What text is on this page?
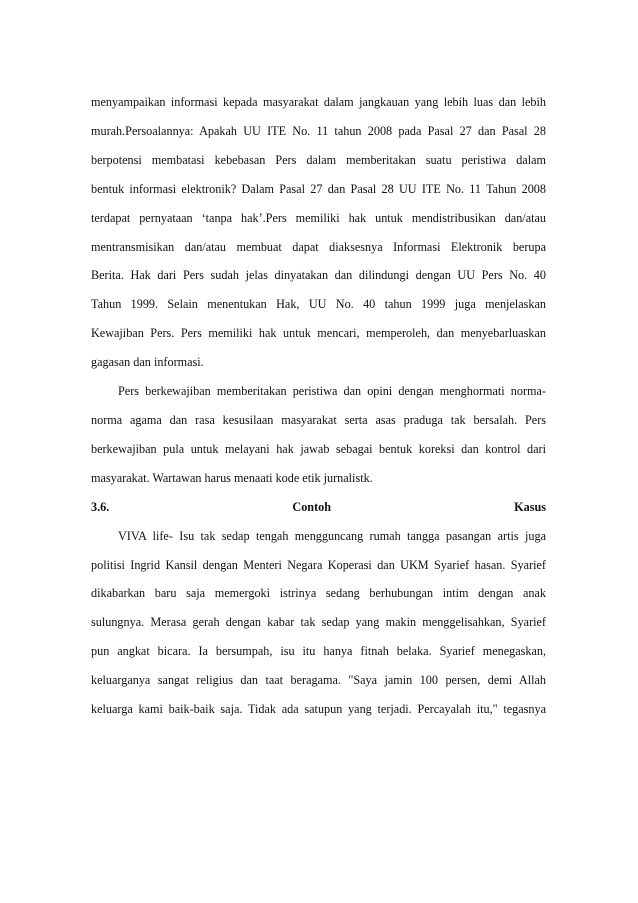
menyampaikan informasi kepada masyarakat dalam jangkauan yang lebih luas dan lebih

murah.Persoalannya: Apakah UU ITE No. 11 tahun 2008 pada Pasal 27 dan Pasal 28

berpotensi membatasi kebebasan Pers dalam memberitakan suatu peristiwa dalam

bentuk informasi elektronik? Dalam Pasal 27 dan Pasal 28 UU ITE No. 11 Tahun 2008

terdapat pernyataan ‘tanpa hak’.Pers memiliki hak untuk mendistribusikan dan/atau

mentransmisikan dan/atau membuat dapat diaksesnya Informasi Elektronik berupa

Berita. Hak dari Pers sudah jelas dinyatakan dan dilindungi dengan UU Pers No. 40

Tahun 1999. Selain menentukan Hak, UU No. 40 tahun 1999 juga menjelaskan

Kewajiban Pers. Pers memiliki hak untuk mencari, memperoleh, dan menyebarluaskan

gagasan dan informasi.

Pers berkewajiban memberitakan peristiwa dan opini dengan menghormati norma-

norma agama dan rasa kesusilaan masyarakat serta asas praduga tak bersalah. Pers

berkewajiban pula untuk melayani hak jawab sebagai bentuk koreksi dan kontrol dari

masyarakat. Wartawan harus menaati kode etik jurnalistk.

3.6. Contoh Kasus

VIVA life- Isu tak sedap tengah mengguncang rumah tangga pasangan artis juga

politisi Ingrid Kansil dengan Menteri Negara Koperasi dan UKM Syarief hasan. Syarief

dikabarkan baru saja memergoki istrinya sedang berhubungan intim dengan anak

sulungnya. Merasa gerah dengan kabar tak sedap yang makin menggelisahkan, Syarief

pun angkat bicara. Ia bersumpah, isu itu hanya fitnah belaka. Syarief menegaskan,

keluarganya sangat religius dan taat beragama. "Saya jamin 100 persen, demi Allah

keluarga kami baik-baik saja. Tidak ada satupun yang terjadi. Percayalah itu," tegasnya
